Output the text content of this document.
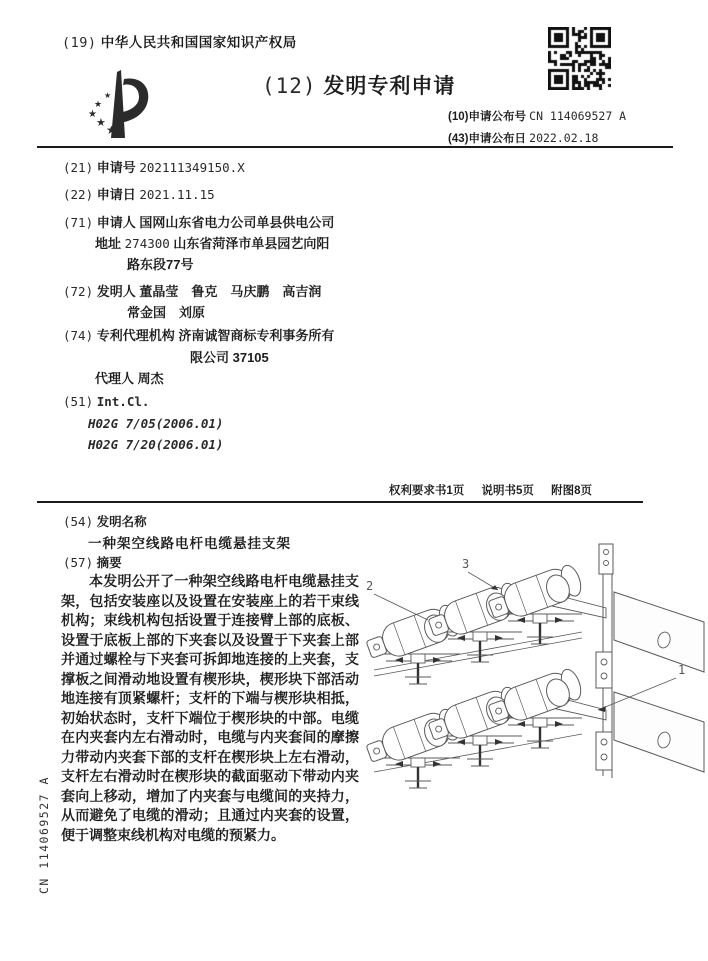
(19) 中华人民共和国国家知识产权局
★
★
★
★ ★
(12) 发明专利申请
(10)申请公布号 CN 114069527 A
(43)申请公布日 2022.02.18
(21) 申请号 202111349150.X
(22) 申请日 2021.11.15
(71) 申请人 国网山东省电力公司单县供电公司
地址 274300 山东省菏泽市单县园艺向阳
路东段77号
(72) 发明人 董晶莹　鲁克　马庆鹏　高吉润
常金国　刘原
(74) 专利代理机构 济南诚智商标专利事务所有
限公司 37105
代理人 周杰
(51) Int.Cl.
H02G 7/05(2006.01)
H02G 7/20(2006.01)
权利要求书1页 说明书5页 附图8页
(54) 发明名称
一种架空线路电杆电缆悬挂支架
(57) 摘要
本发明公开了一种架空线路电杆电缆悬挂支架，包括安装座以及设置在安装座上的若干束线机构；束线机构包括设置于连接臂上部的底板、设置于底板上部的下夹套以及设置于下夹套上部并通过螺栓与下夹套可拆卸地连接的上夹套，支撑板之间滑动地设置有楔形块，楔形块下部活动地连接有顶紧螺杆；支杆的下端与楔形块相抵，初始状态时，支杆下端位于楔形块的中部。电缆在内夹套内左右滑动时，电缆与内夹套间的摩擦力带动内夹套下部的支杆在楔形块上左右滑动，支杆左右滑动时在楔形块的截面驱动下带动内夹套向上移动，增加了内夹套与电缆间的夹持力，从而避免了电缆的滑动；且通过内夹套的设置，便于调整束线机构对电缆的预紧力。
2
3
1
CN 114069527 A
